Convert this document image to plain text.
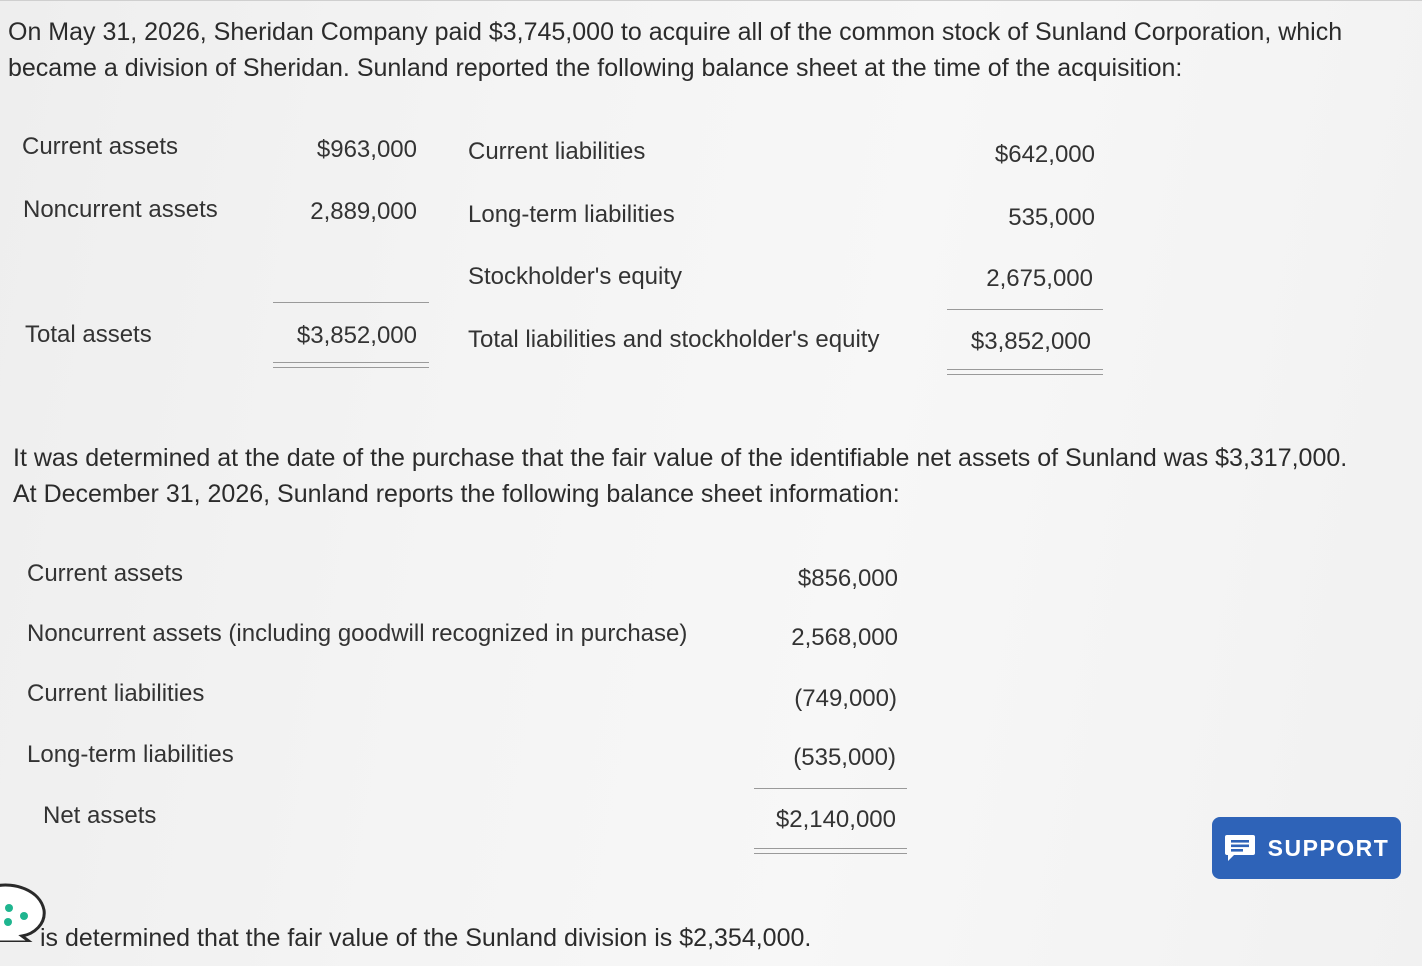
On May 31, 2026, Sheridan Company paid $3,745,000 to acquire all of the common stock of Sunland Corporation, which
became a division of Sheridan. Sunland reported the following balance sheet at the time of the acquisition:
Current assets	$963,000 Current liabilities	$642,000
Noncurrent assets	2,889,000 Long-term liabilities	535,000
Stockholder's equity	2,675,000
Total assets	$3,852,000 Total liabilities and stockholder's equity	$3,852,000
It was determined at the date of the purchase that the fair value of the identifiable net assets of Sunland was $3,317,000.
At December 31, 2026, Sunland reports the following balance sheet information:
Current assets	$856,000
Noncurrent assets (including goodwill recognized in purchase)	2,568,000
Current liabilities	(749,000)
Long-term liabilities	(535,000)
Net assets	$2,140,000
is determined that the fair value of the Sunland division is $2,354,000.
SUPPORT
